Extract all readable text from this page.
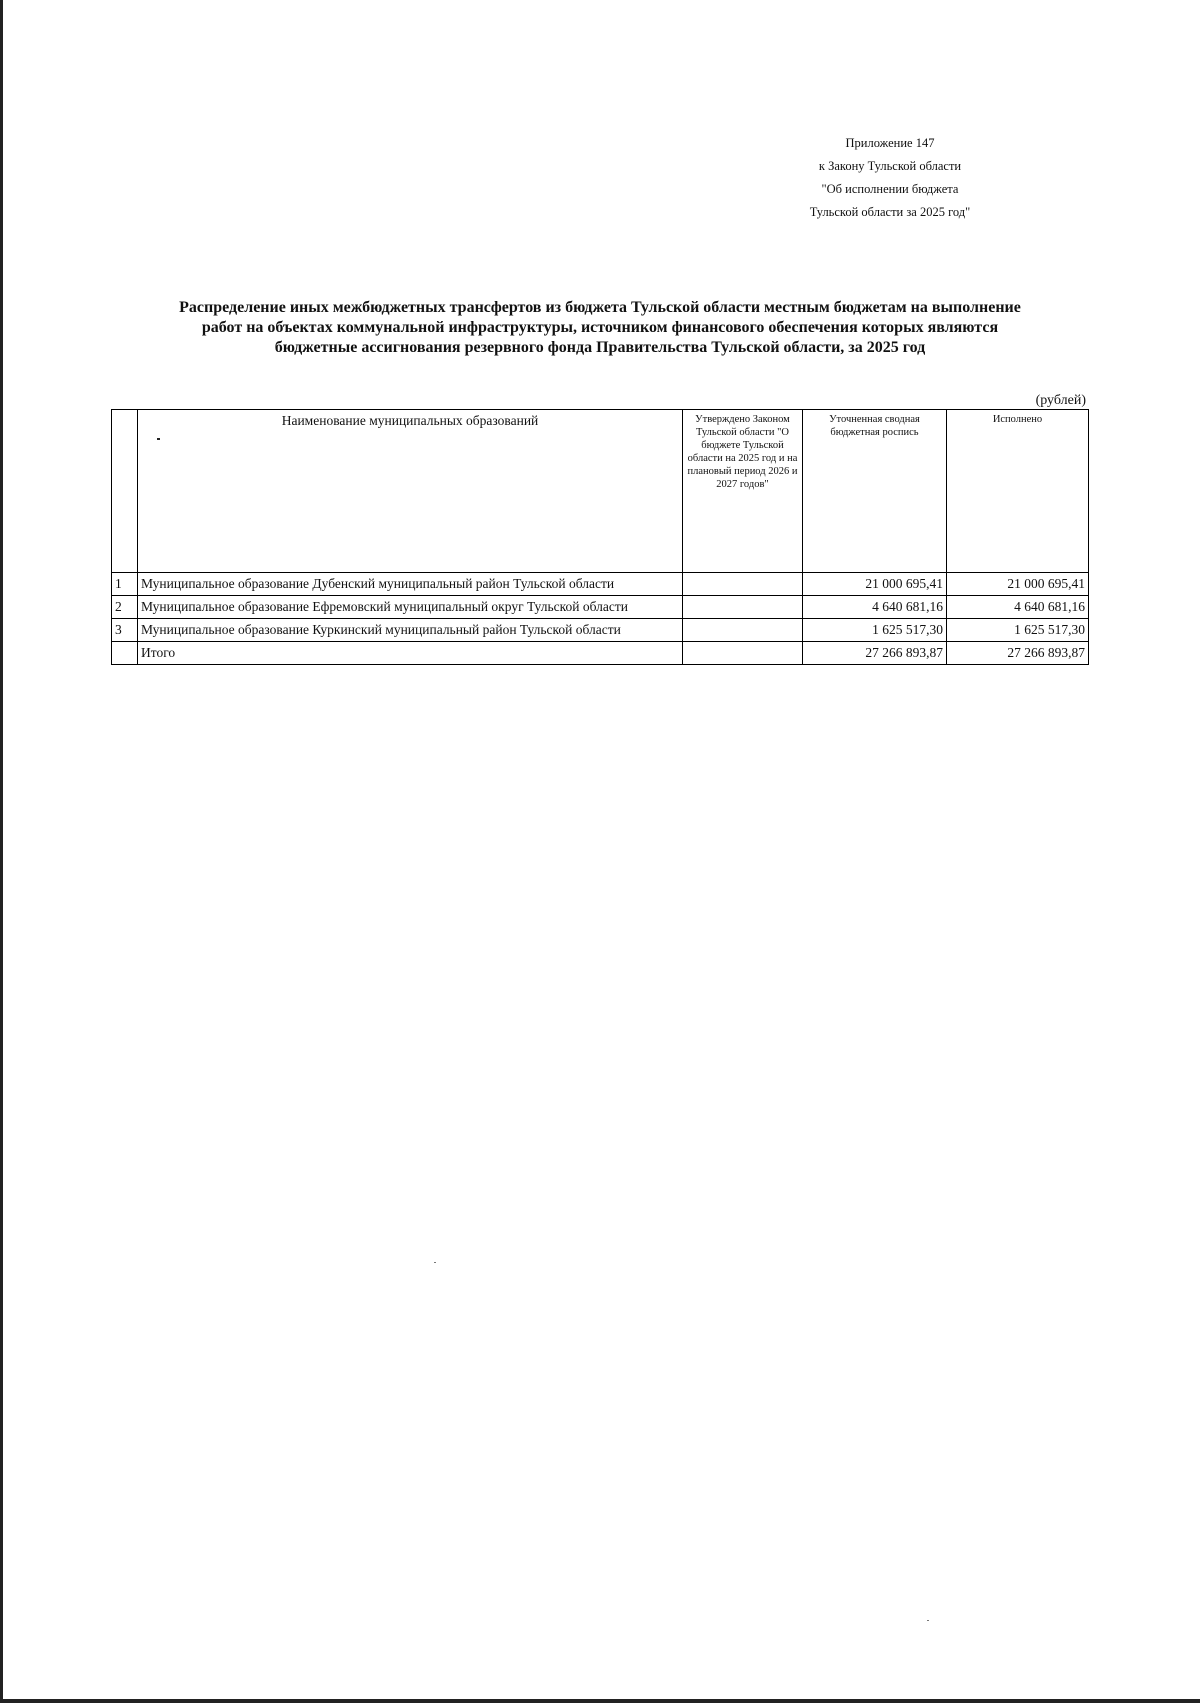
Приложение 147
к Закону Тульской области
"Об исполнении бюджета
Тульской области за 2025 год"
Распределение иных межбюджетных трансфертов из бюджета Тульской области местным бюджетам на выполнение
работ на объектах коммунальной инфраструктуры, источником финансового обеспечения которых являются
бюджетные ассигнования резервного фонда Правительства Тульской области, за 2025 год
(рублей)
	Наименование муниципальных образований	Утверждено Законом Тульской области "О бюджете Тульской области на 2025 год и на плановый период 2026 и 2027 годов"	Уточненная сводная бюджетная роспись	Исполнено
1	Муниципальное образование Дубенский муниципальный район Тульской области		21 000 695,41	21 000 695,41
2	Муниципальное образование Ефремовский муниципальный округ Тульской области		4 640 681,16	4 640 681,16
3	Муниципальное образование Куркинский муниципальный район Тульской области		1 625 517,30	1 625 517,30
	Итого		27 266 893,87	27 266 893,87
